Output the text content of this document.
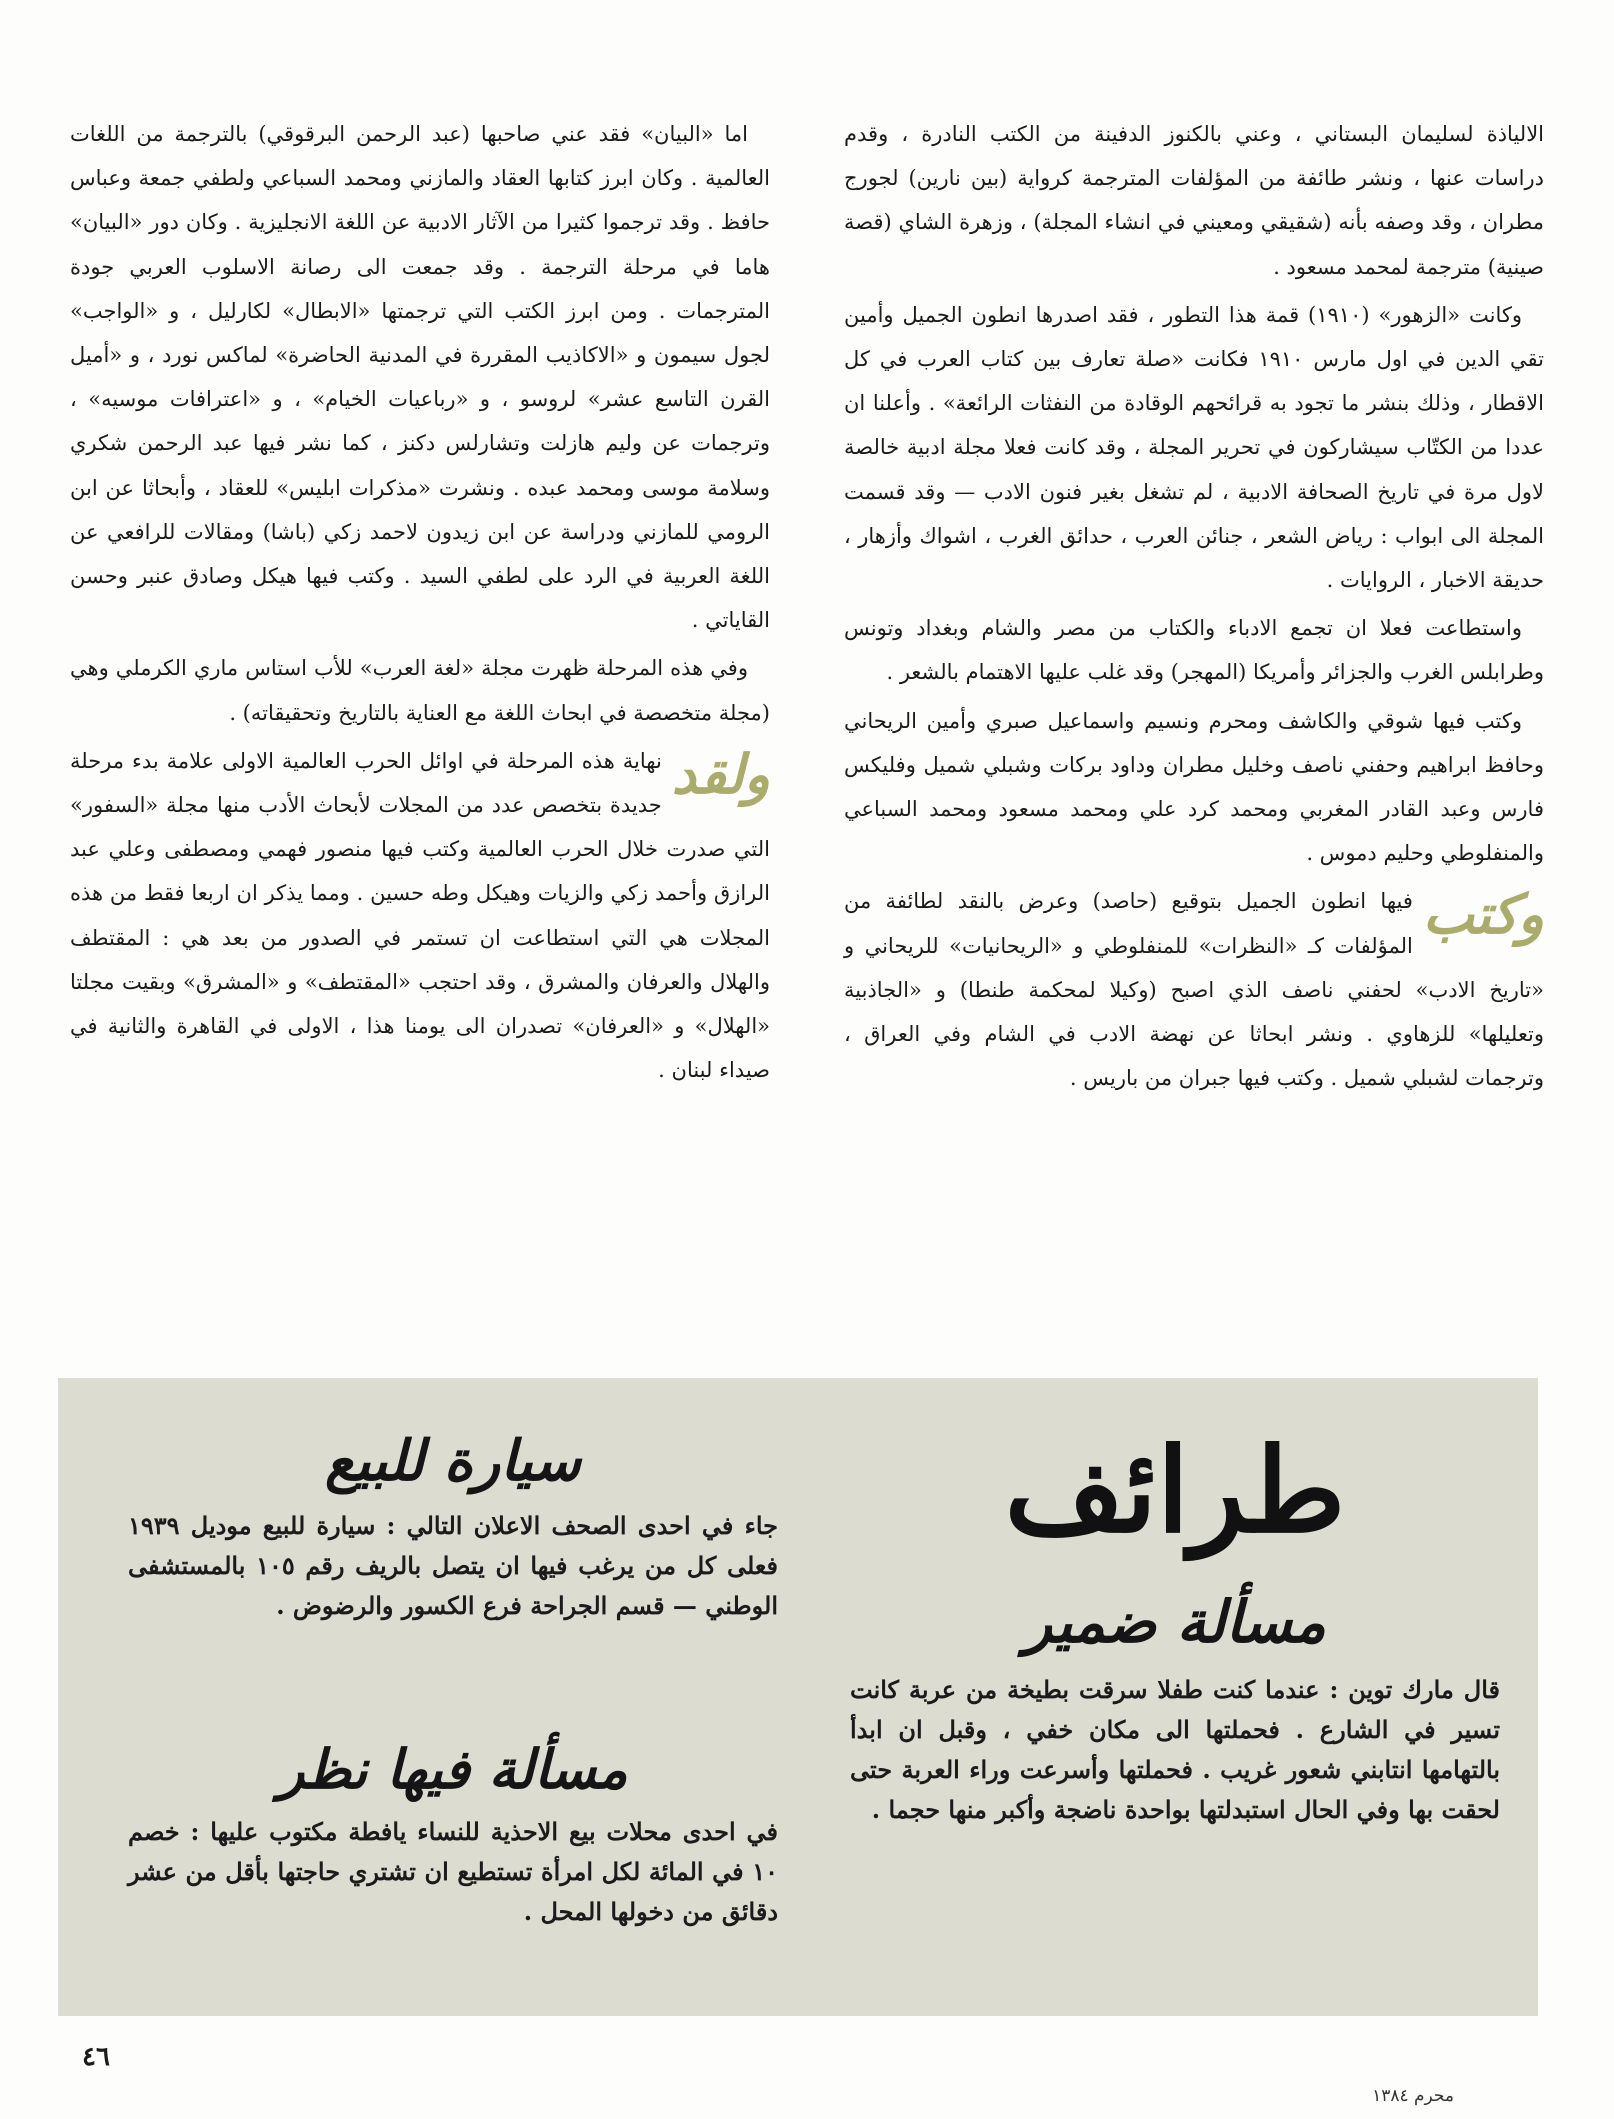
الالياذة لسليمان البستاني ، وعني بالكنوز الدفينة من الكتب النادرة ، وقدم دراسات عنها ، ونشر طائفة من المؤلفات المترجمة كرواية (بين نارين) لجورج مطران ، وقد وصفه بأنه (شقيقي ومعيني في انشاء المجلة) ، وزهرة الشاي (قصة صينية) مترجمة لمحمد مسعود .

وكانت «الزهور» (١٩١٠) قمة هذا التطور ، فقد اصدرها انطون الجميل وأمين تقي الدين في اول مارس ١٩١٠ فكانت «صلة تعارف بين كتاب العرب في كل الاقطار ، وذلك بنشر ما تجود به قرائحهم الوقادة من النفثات الرائعة» . وأعلنا ان عددا من الكتّاب سيشاركون في تحرير المجلة ، وقد كانت فعلا مجلة ادبية خالصة لاول مرة في تاريخ الصحافة الادبية ، لم تشغل بغير فنون الادب — وقد قسمت المجلة الى ابواب : رياض الشعر ، جنائن العرب ، حدائق الغرب ، اشواك وأزهار ، حديقة الاخبار ، الروايات .

واستطاعت فعلا ان تجمع الادباء والكتاب من مصر والشام وبغداد وتونس وطرابلس الغرب والجزائر وأمريكا (المهجر) وقد غلب عليها الاهتمام بالشعر .

وكتب فيها شوقي والكاشف ومحرم ونسيم واسماعيل صبري وأمين الريحاني وحافظ ابراهيم وحفني ناصف وخليل مطران وداود بركات وشبلي شميل وفليكس فارس وعبد القادر المغربي ومحمد كرد علي ومحمد مسعود ومحمد السباعي والمنفلوطي وحليم دموس .

وكتب
فيها انطون الجميل بتوقيع (حاصد) وعرض بالنقد لطائفة من المؤلفات كـ «النظرات» للمنفلوطي و «الريحانيات» للريحاني و «تاريخ الادب» لحفني ناصف الذي اصبح (وكيلا لمحكمة طنطا) و «الجاذبية وتعليلها» للزهاوي . ونشر ابحاثا عن نهضة الادب في الشام وفي العراق ، وترجمات لشبلي شميل . وكتب فيها جبران من باريس .

اما «البيان» فقد عني صاحبها (عبد الرحمن البرقوقي) بالترجمة من اللغات العالمية . وكان ابرز كتابها العقاد والمازني ومحمد السباعي ولطفي جمعة وعباس حافظ . وقد ترجموا كثيرا من الآثار الادبية عن اللغة الانجليزية . وكان دور «البيان» هاما في مرحلة الترجمة . وقد جمعت الى رصانة الاسلوب العربي جودة المترجمات . ومن ابرز الكتب التي ترجمتها «الابطال» لكارليل ، و «الواجب» لجول سيمون و «الاكاذيب المقررة في المدنية الحاضرة» لماكس نورد ، و «أميل القرن التاسع عشر» لروسو ، و «رباعيات الخيام» ، و «اعترافات موسيه» ، وترجمات عن وليم هازلت وتشارلس دكنز ، كما نشر فيها عبد الرحمن شكري وسلامة موسى ومحمد عبده . ونشرت «مذكرات ابليس» للعقاد ، وأبحاثا عن ابن الرومي للمازني ودراسة عن ابن زيدون لاحمد زكي (باشا) ومقالات للرافعي عن اللغة العربية في الرد على لطفي السيد . وكتب فيها هيكل وصادق عنبر وحسن القاياتي .

وفي هذه المرحلة ظهرت مجلة «لغة العرب» للأب استاس ماري الكرملي وهي (مجلة متخصصة في ابحاث اللغة مع العناية بالتاريخ وتحقيقاته) .

ولقد
نهاية هذه المرحلة في اوائل الحرب العالمية الاولى علامة بدء مرحلة جديدة بتخصص عدد من المجلات لأبحاث الأدب منها مجلة «السفور» التي صدرت خلال الحرب العالمية وكتب فيها منصور فهمي ومصطفى وعلي عبد الرازق وأحمد زكي والزيات وهيكل وطه حسين . ومما يذكر ان اربعا فقط من هذه المجلات هي التي استطاعت ان تستمر في الصدور من بعد هي : المقتطف والهلال والعرفان والمشرق ، وقد احتجب «المقتطف» و «المشرق» وبقيت مجلتا «الهلال» و «العرفان» تصدران الى يومنا هذا ، الاولى في القاهرة والثانية في صيداء لبنان .

سيارة للبيع

جاء في احدى الصحف الاعلان التالي : سيارة للبيع موديل ١٩٣٩ فعلى كل من يرغب فيها ان يتصل بالريف رقم ١٠٥ بالمستشفى الوطني — قسم الجراحة فرع الكسور والرضوض .

مسألة فيها نظر

في احدى محلات بيع الاحذية للنساء يافطة مكتوب عليها : خصم ١٠ في المائة لكل امرأة تستطيع ان تشتري حاجتها بأقل من عشر دقائق من دخولها المحل .

طرائف
مسألة ضمير

قال مارك توين : عندما كنت طفلا سرقت بطيخة من عربة كانت تسير في الشارع . فحملتها الى مكان خفي ، وقبل ان ابدأ بالتهامها انتابني شعور غريب . فحملتها وأسرعت وراء العربة حتى لحقت بها وفي الحال استبدلتها بواحدة ناضجة وأكبر منها حجما .

٤٦
محرم ١٣٨٤
